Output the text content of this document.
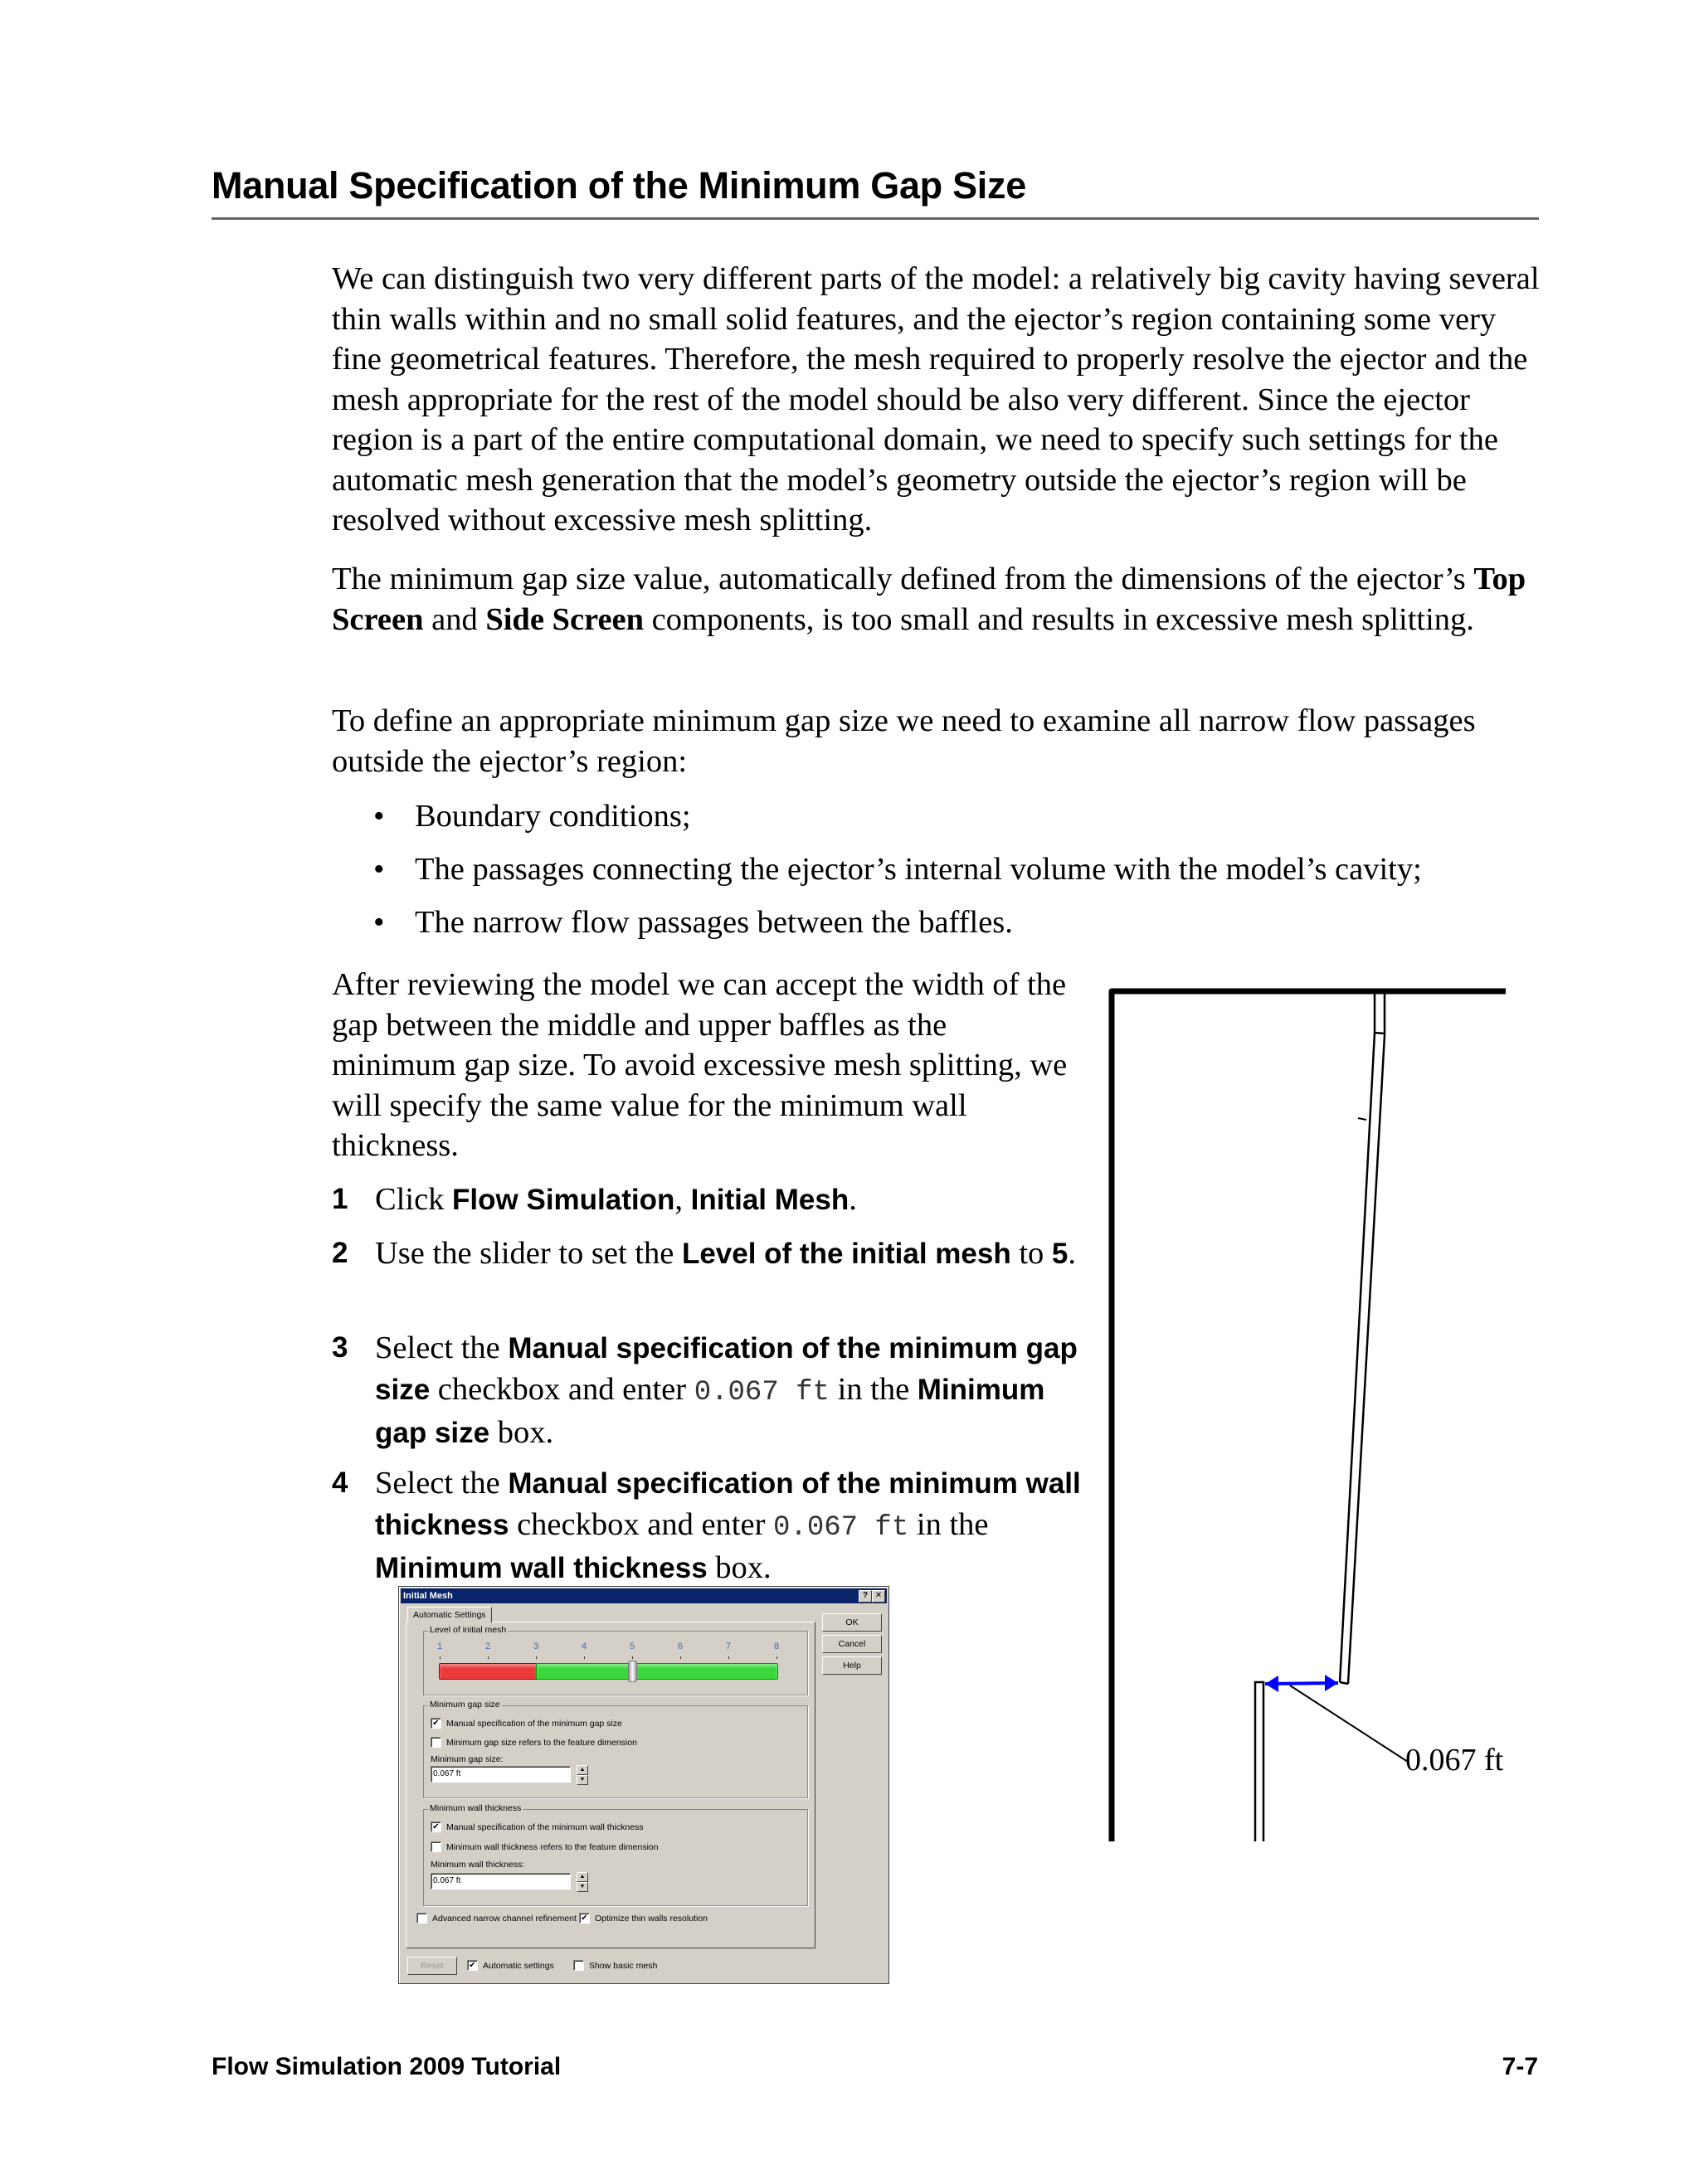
Manual Specification of the Minimum Gap Size

We can distinguish two very different parts of the model: a relatively big cavity having several thin walls within and no small solid features, and the ejector’s region containing some very fine geometrical features. Therefore, the mesh required to properly resolve the ejector and the mesh appropriate for the rest of the model should be also very different. Since the ejector region is a part of the entire computational domain, we need to specify such settings for the automatic mesh generation that the model’s geometry outside the ejector’s region will be resolved without excessive mesh splitting.

The minimum gap size value, automatically defined from the dimensions of the ejector’s Top Screen and Side Screen components, is too small and results in excessive mesh splitting.

To define an appropriate minimum gap size we need to examine all narrow flow passages outside the ejector’s region:

• Boundary conditions;
• The passages connecting the ejector’s internal volume with the model’s cavity;
• The narrow flow passages between the baffles.

After reviewing the model we can accept the width of the gap between the middle and upper baffles as the minimum gap size. To avoid excessive mesh splitting, we will specify the same value for the minimum wall thickness.

1 Click Flow Simulation, Initial Mesh.
2 Use the slider to set the Level of the initial mesh to 5.
3 Select the Manual specification of the minimum gap size checkbox and enter 0.067 ft in the Minimum gap size box.
4 Select the Manual specification of the minimum wall thickness checkbox and enter 0.067 ft in the Minimum wall thickness box.
Initial Mesh	? ✕
Automatic Settings
OK
Cancel
Help
Level of initial mesh
1	2	3	4	5	6	7	8
Minimum gap size
✔ Manual specification of the minimum gap size
Minimum gap size refers to the feature dimension
Minimum gap size:
0.067 ft	▲
▼
Minimum wall thickness
✔ Manual specification of the minimum wall thickness
Minimum wall thickness refers to the feature dimension
Minimum wall thickness:
0.067 ft	▲
▼
Advanced narrow channel refinement ✔ Optimize thin walls resolution
Reset	✔ Automatic settings	Show basic mesh
0.067 ft
Flow Simulation 2009 Tutorial	7-7
